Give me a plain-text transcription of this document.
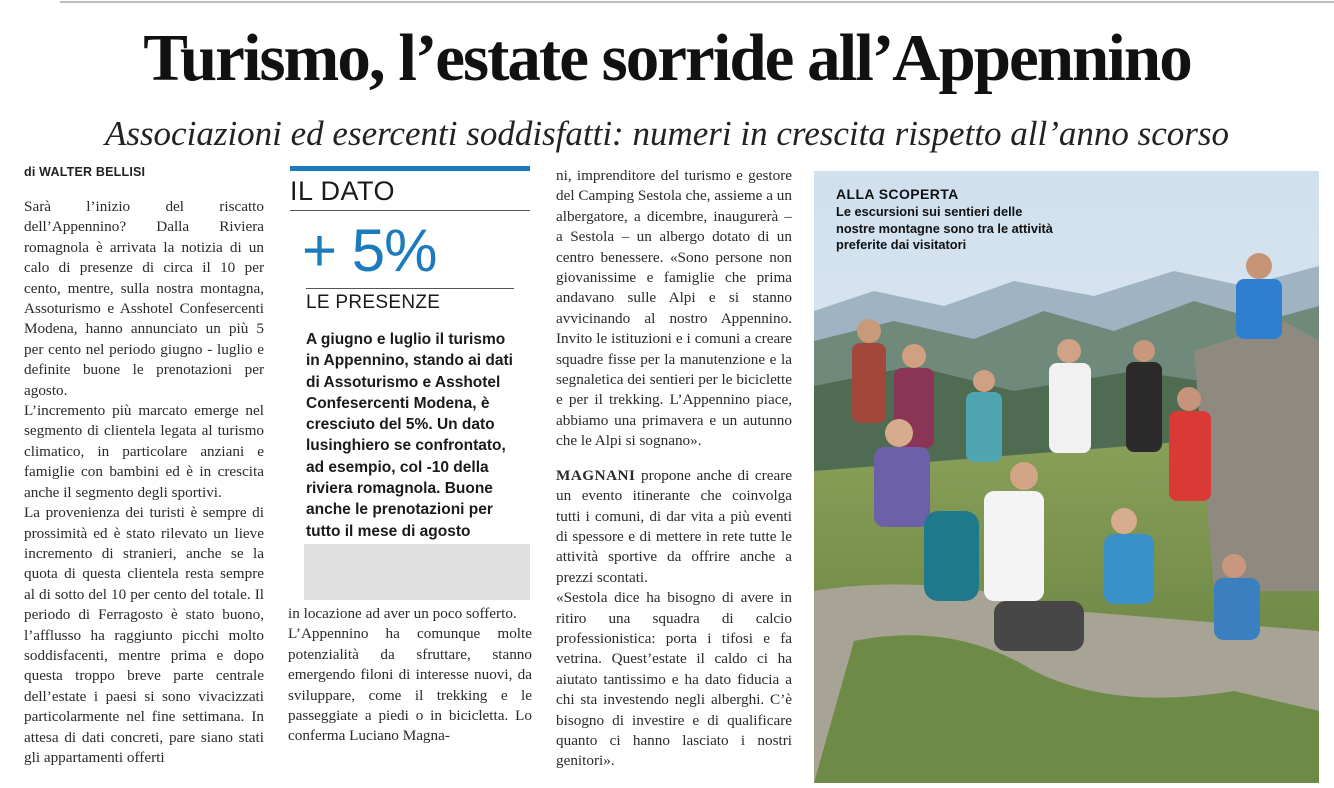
Turismo, l’estate sorride all’Appennino
Associazioni ed esercenti soddisfatti: numeri in crescita rispetto all’anno scorso
di WALTER BELLISI

Sarà l’inizio del riscatto dell’Appennino? Dalla Riviera romagnola è arrivata la notizia di un calo di presenze di circa il 10 per cento, mentre, sulla nostra montagna, Assoturismo e Asshotel Confesercenti Modena, hanno annunciato un più 5 per cento nel periodo giugno - luglio e definite buone le prenotazioni per agosto.

L’incremento più marcato emerge nel segmento di clientela legata al turismo climatico, in particolare anziani e famiglie con bambini ed è in crescita anche il segmento degli sportivi.

La provenienza dei turisti è sempre di prossimità ed è stato rilevato un lieve incremento di stranieri, anche se la quota di questa clientela resta sempre al di sotto del 10 per cento del totale. Il periodo di Ferragosto è stato buono, l’afflusso ha raggiunto picchi molto soddisfacenti, mentre prima e dopo questa troppo breve parte centrale dell’estate i paesi si sono vivacizzati particolarmente nel fine settimana. In attesa di dati concreti, pare siano stati gli appartamenti offerti

IL DATO
+ 5%
LE PRESENZE
A giugno e luglio il turismo in Appennino, stando ai dati di Assoturismo e Asshotel Confesercenti Modena, è cresciuto del 5%. Un dato lusinghiero se confrontato, ad esempio, col -10 della riviera romagnola. Buone anche le prenotazioni per tutto il mese di agosto

in locazione ad aver un poco sofferto.

L’Appennino ha comunque molte potenzialità da sfruttare, stanno emergendo filoni di interesse nuovi, da sviluppare, come il trekking e le passeggiate a piedi o in bicicletta. Lo conferma Luciano Magna-

ni, imprenditore del turismo e gestore del Camping Sestola che, assieme a un albergatore, a dicembre, inaugurerà – a Sestola – un albergo dotato di un centro benessere. «Sono persone non giovanissime e famiglie che prima andavano sulle Alpi e si stanno avvicinando al nostro Appennino. Invito le istituzioni e i comuni a creare squadre fisse per la manutenzione e la segnaletica dei sentieri per le biciclette e per il trekking. L’Appennino piace, abbiamo una primavera e un autunno che le Alpi si sognano».

MAGNANI propone anche di creare un evento itinerante che coinvolga tutti i comuni, di dar vita a più eventi di spessore e di mettere in rete tutte le attività sportive da offrire anche a prezzi scontati.

«Sestola dice ha bisogno di avere in ritiro una squadra di calcio professionistica: porta i tifosi e fa vetrina. Quest’estate il caldo ci ha aiutato tantissimo e ha dato fiducia a chi sta investendo negli alberghi. C’è bisogno di investire e di qualificare quanto ci hanno lasciato i nostri genitori».

ALLA SCOPERTA
Le escursioni sui sentieri delle nostre montagne sono tra le attività preferite dai visitatori
